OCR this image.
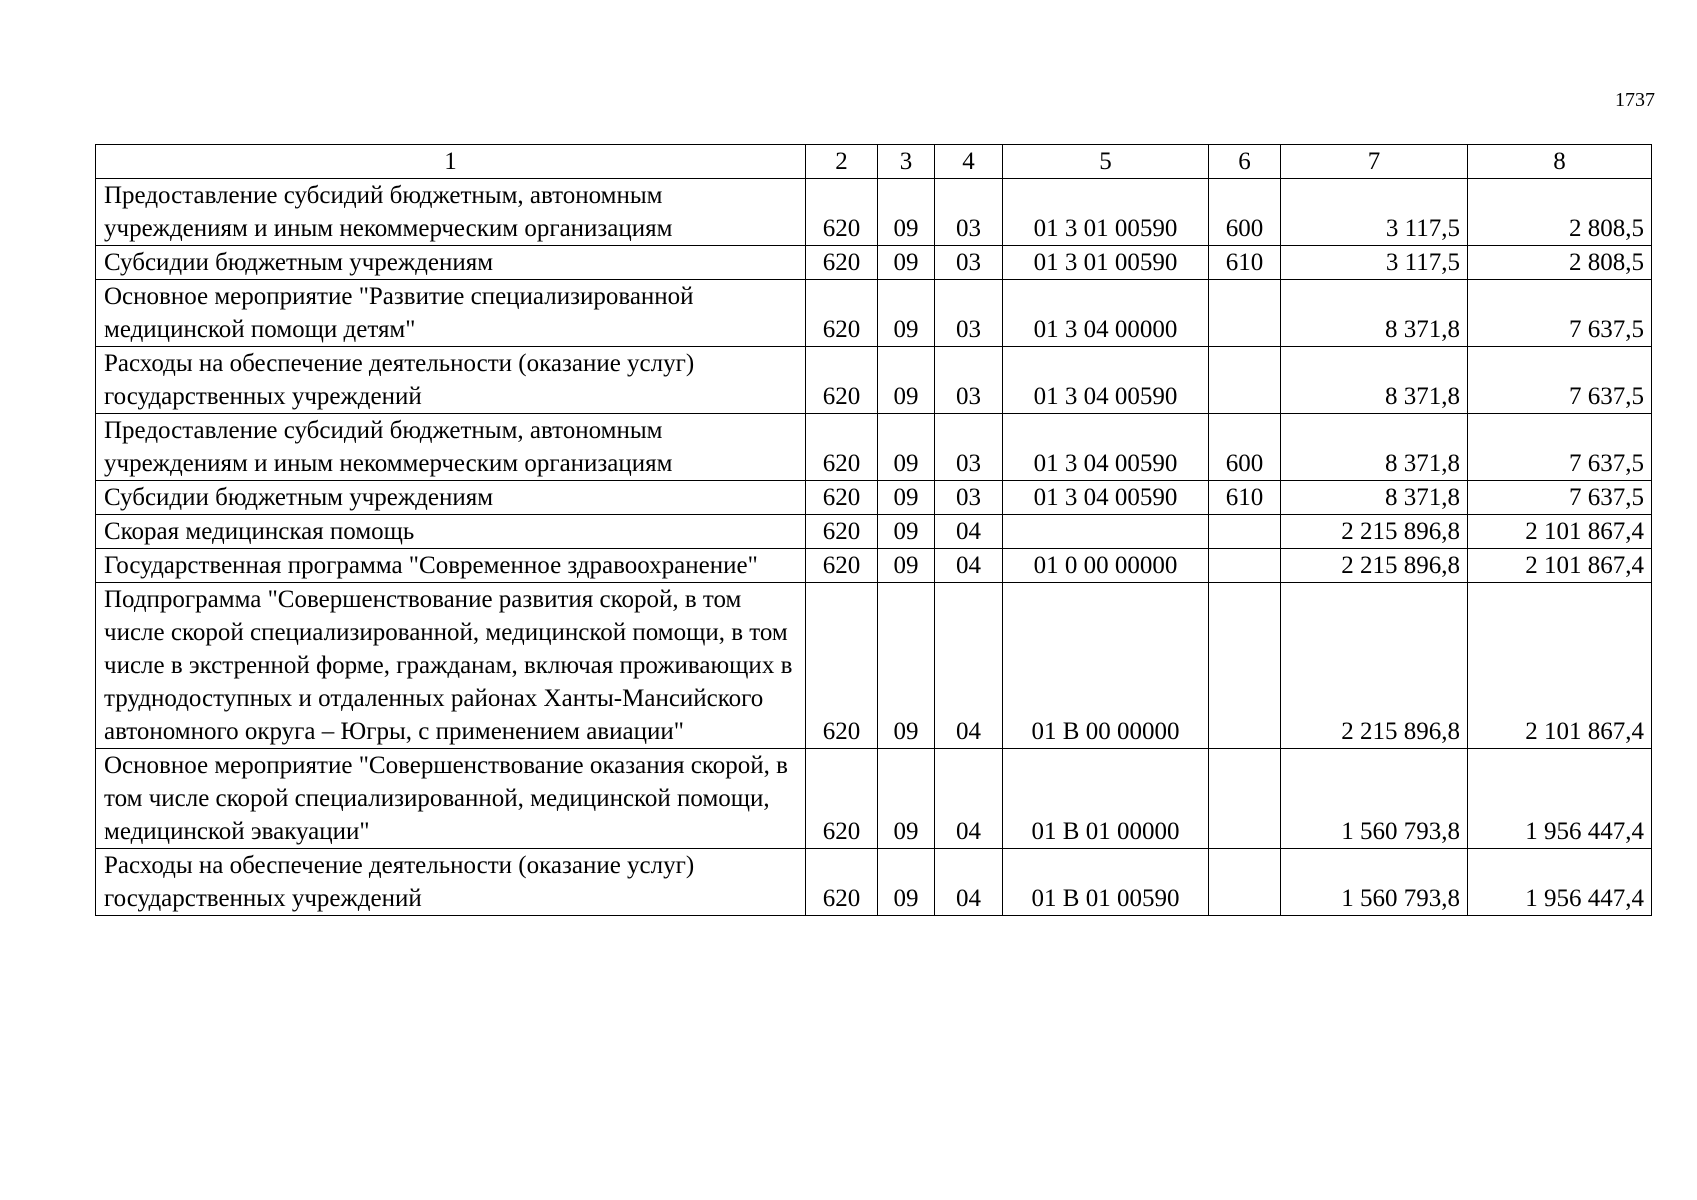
1737
1	2	3	4	5	6	7	8
Предоставление субсидий бюджетным, автономным учреждениям и иным некоммерческим организациям	620	09	03	01 3 01 00590	600	3 117,5	2 808,5
Субсидии бюджетным учреждениям	620	09	03	01 3 01 00590	610	3 117,5	2 808,5
Основное мероприятие "Развитие специализированной медицинской помощи детям"	620	09	03	01 3 04 00000		8 371,8	7 637,5
Расходы на обеспечение деятельности (оказание услуг) государственных учреждений	620	09	03	01 3 04 00590		8 371,8	7 637,5
Предоставление субсидий бюджетным, автономным учреждениям и иным некоммерческим организациям	620	09	03	01 3 04 00590	600	8 371,8	7 637,5
Субсидии бюджетным учреждениям	620	09	03	01 3 04 00590	610	8 371,8	7 637,5
Скорая медицинская помощь	620	09	04			2 215 896,8	2 101 867,4
Государственная программа "Современное здравоохранение"	620	09	04	01 0 00 00000		2 215 896,8	2 101 867,4
Подпрограмма "Совершенствование развития скорой, в том числе скорой специализированной, медицинской помощи, в том числе в экстренной форме, гражданам, включая проживающих в труднодоступных и отдаленных районах Ханты-Мансийского автономного округа – Югры, с применением авиации"	620	09	04	01 В 00 00000		2 215 896,8	2 101 867,4
Основное мероприятие "Совершенствование оказания скорой, в том числе скорой специализированной, медицинской помощи, медицинской эвакуации"	620	09	04	01 В 01 00000		1 560 793,8	1 956 447,4
Расходы на обеспечение деятельности (оказание услуг) государственных учреждений	620	09	04	01 В 01 00590		1 560 793,8	1 956 447,4
